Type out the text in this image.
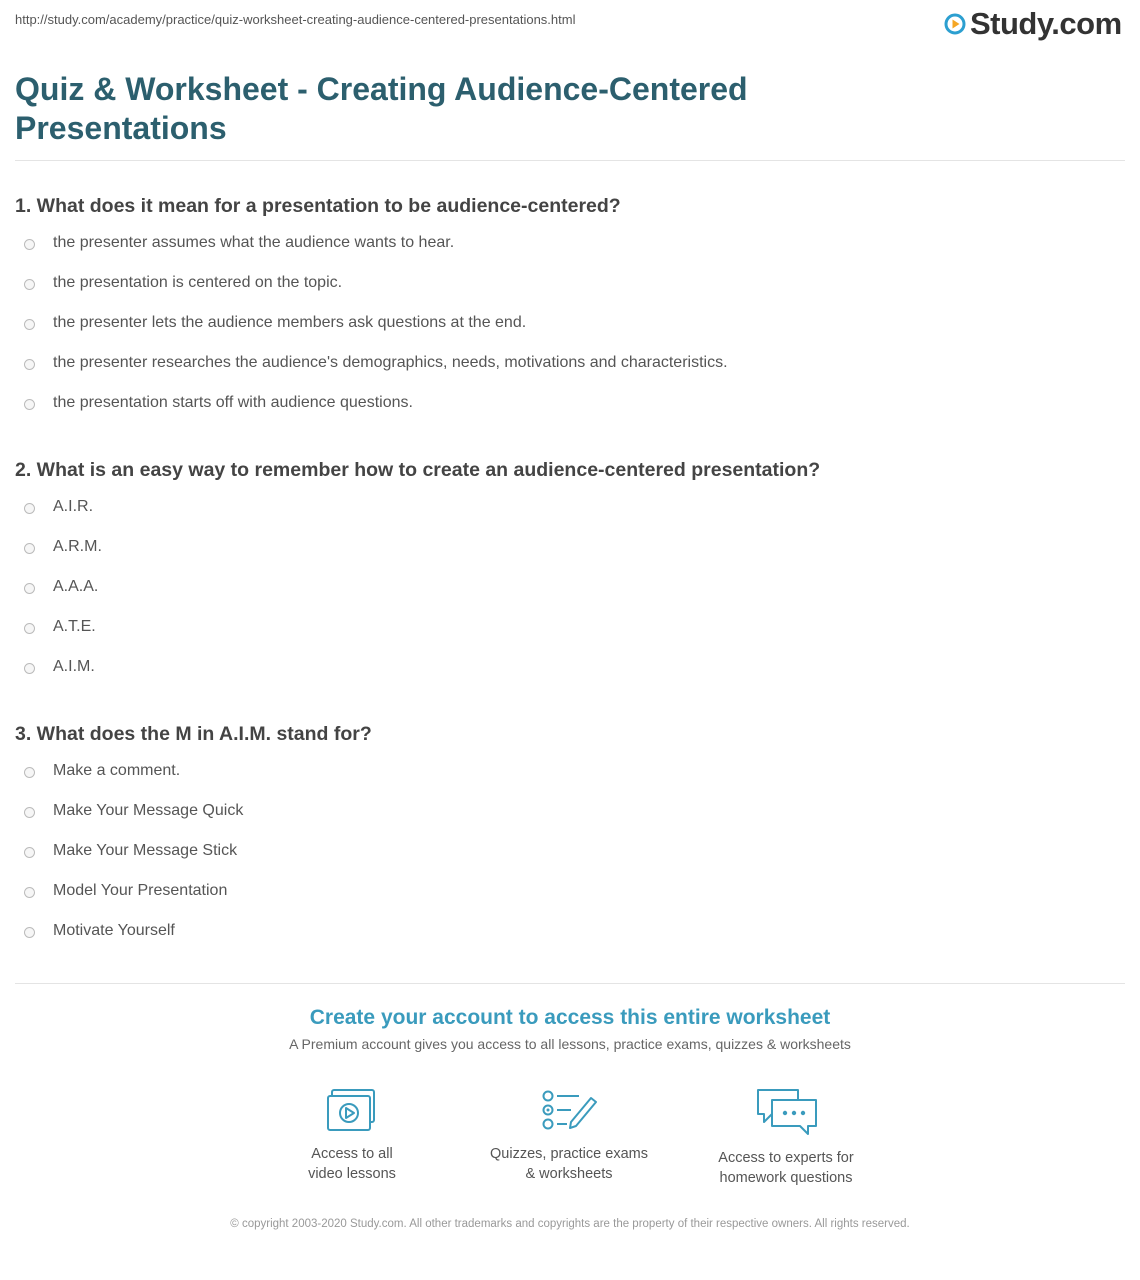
http://study.com/academy/practice/quiz-worksheet-creating-audience-centered-presentations.html	Study.com
Quiz & Worksheet - Creating Audience-Centered Presentations
1. What does it mean for a presentation to be audience-centered?
the presenter assumes what the audience wants to hear.
the presentation is centered on the topic.
the presenter lets the audience members ask questions at the end.
the presenter researches the audience's demographics, needs, motivations and characteristics.
the presentation starts off with audience questions.
2. What is an easy way to remember how to create an audience-centered presentation?
A.I.R.
A.R.M.
A.A.A.
A.T.E.
A.I.M.
3. What does the M in A.I.M. stand for?
Make a comment.
Make Your Message Quick
Make Your Message Stick
Model Your Presentation
Motivate Yourself
Create your account to access this entire worksheet
A Premium account gives you access to all lessons, practice exams, quizzes & worksheets
Access to all
video lessons
Quizzes, practice exams
& worksheets
Access to experts for
homework questions
© copyright 2003-2020 Study.com. All other trademarks and copyrights are the property of their respective owners. All rights reserved.
